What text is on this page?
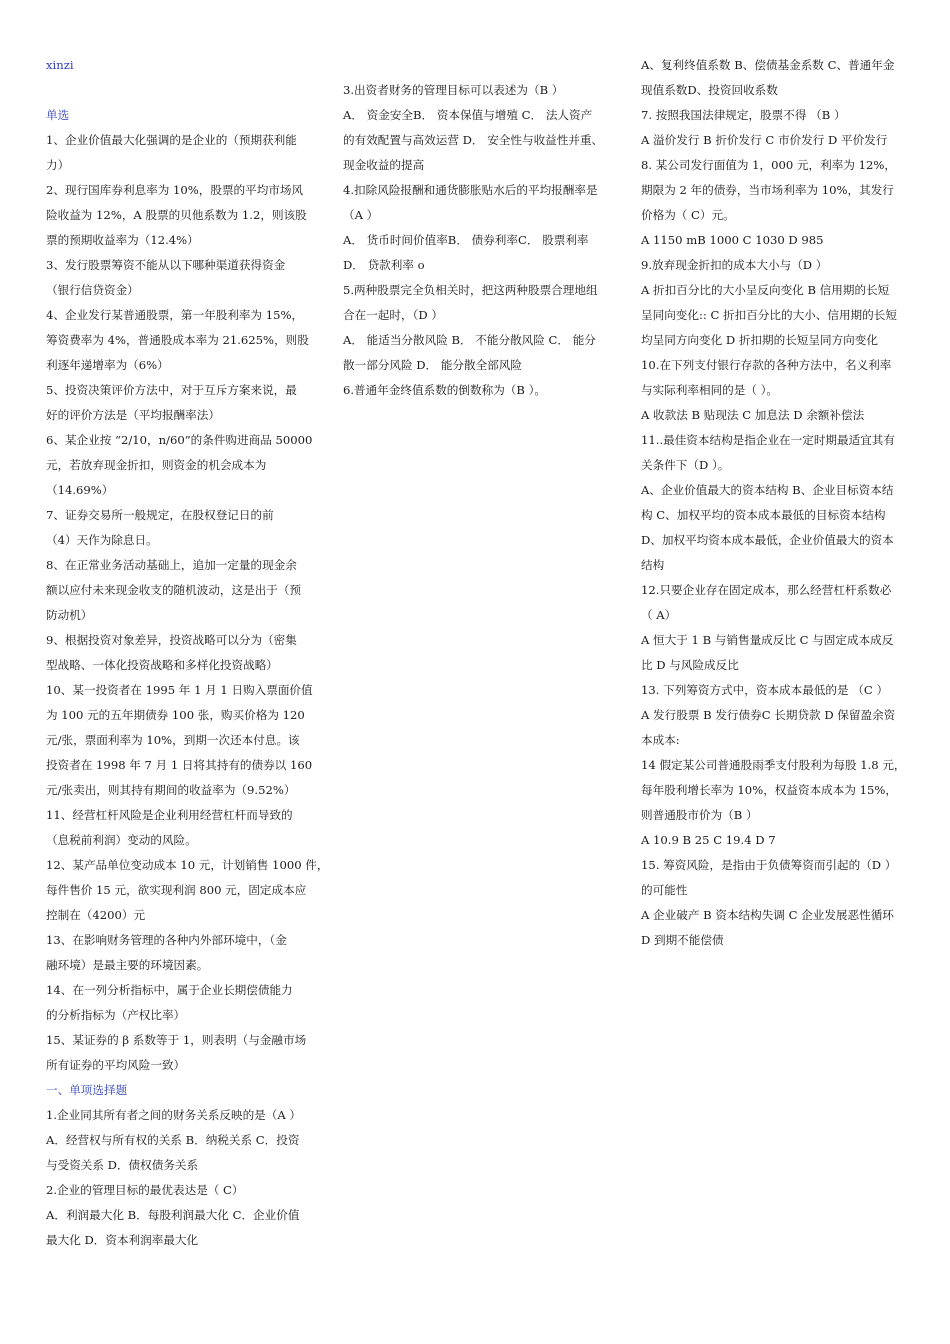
xinzi
单选
1、企业价值最大化强调的是企业的（预期获利能
力）
2、现行国库券利息率为 10%，股票的平均市场风
险收益为 12%，A 股票的贝他系数为 1.2，则该股
票的预期收益率为（12.4%）
3、发行股票筹资不能从以下哪种渠道获得资金
（银行信贷资金）
4、企业发行某普通股票，第一年股利率为 15%，
筹资费率为 4%，普通股成本率为 21.625%，则股
利逐年递增率为（6%）
5、投资决策评价方法中，对于互斥方案来说，最
好的评价方法是（平均报酬率法）
6、某企业按 “2/10，n/60”的条件购进商品 50000
元，若放弃现金折扣，则资金的机会成本为
（14.69%）
7、证券交易所一般规定，在股权登记日的前
（4）天作为除息日。
8、在正常业务活动基础上，追加一定量的现金余
额以应付未来现金收支的随机波动，这是出于（预
防动机）
9、根据投资对象差异，投资战略可以分为（密集
型战略、一体化投资战略和多样化投资战略）
10、某一投资者在 1995 年 1 月 1 日购入票面价值
为 100 元的五年期债券 100 张，购买价格为 120
元/张，票面利率为 10%，到期一次还本付息。该
投资者在 1998 年 7 月 1 日将其持有的债券以 160
元/张卖出，则其持有期间的收益率为（9.52%）
11、经营杠杆风险是企业利用经营杠杆而导致的
（息税前利润）变动的风险。
12、某产品单位变动成本 10 元，计划销售 1000 件，
每件售价 15 元，欲实现利润 800 元，固定成本应
控制在（4200）元
13、在影响财务管理的各种内外部环境中，（金
融环境）是最主要的环境因素。
14、在一列分析指标中，属于企业长期偿债能力
的分析指标为（产权比率）
15、某证券的 β 系数等于 1，则表明（与金融市场
所有证券的平均风险一致）
一、单项选择题
1.企业同其所有者之间的财务关系反映的是（A ）
A．经营权与所有权的关系 B．纳税关系 C．投资
与受资关系 D．债权债务关系
2.企业的管理目标的最优表达是（ C）
A．利润最大化 B．每股利润最大化 C．企业价值
最大化 D．资本利润率最大化
3.出资者财务的管理目标可以表述为（B ）
A． 资金安全B． 资本保值与增殖 C． 法人资产
的有效配置与高效运营 D． 安全性与收益性并重、
现金收益的提高
4.扣除风险报酬和通货膨胀贴水后的平均报酬率是
（A ）
A． 货币时间价值率B． 债券利率C． 股票利率
D． 贷款利率 o
5.两种股票完全负相关时，把这两种股票合理地组
合在一起时，（D ）
A． 能适当分散风险 B． 不能分散风险 C． 能分
散一部分风险 D． 能分散全部风险
6.普通年金终值系数的倒数称为（B ）。
A、复利终值系数 B、偿债基金系数 C、普通年金
现值系数D、投资回收系数
7. 按照我国法律规定，股票不得 （B ）
A 溢价发行 B 折价发行 C 市价发行 D 平价发行
8. 某公司发行面值为 1，000 元，利率为 12%，
期限为 2 年的债券，当市场利率为 10%，其发行
价格为（ C）元。
A 1150 mB 1000 C 1030 D 985
9.放弃现金折扣的成本大小与（D ）
A 折扣百分比的大小呈反向变化 B 信用期的长短
呈同向变化:: C 折扣百分比的大小、信用期的长短
均呈同方向变化 D 折扣期的长短呈同方向变化
10.在下列支付银行存款的各种方法中，名义利率
与实际利率相同的是（ ）。
A 收款法 B 贴现法 C 加息法 D 余额补偿法
11..最佳资本结构是指企业在一定时期最适宜其有
关条件下（D ）。
A、企业价值最大的资本结构 B、企业目标资本结
构 C、加权平均的资本成本最低的目标资本结构
D、加权平均资本成本最低，企业价值最大的资本
结构
12.只要企业存在固定成本，那么经营杠杆系数必
（ A）
A 恒大于 1 B 与销售量成反比 C 与固定成本成反
比 D 与风险成反比
13. 下列筹资方式中，资本成本最低的是 （C ）
A 发行股票 B 发行债券C 长期贷款 D 保留盈余资
本成本:
14 假定某公司普通股雨季支付股利为每股 1.8 元，
每年股利增长率为 10%，权益资本成本为 15%，
则普通股市价为（B ）
A 10.9 B 25 C 19.4 D 7
15. 筹资风险，是指由于负债筹资而引起的（D ）
的可能性
A 企业破产 B 资本结构失调 C 企业发展恶性循环
D 到期不能偿债
